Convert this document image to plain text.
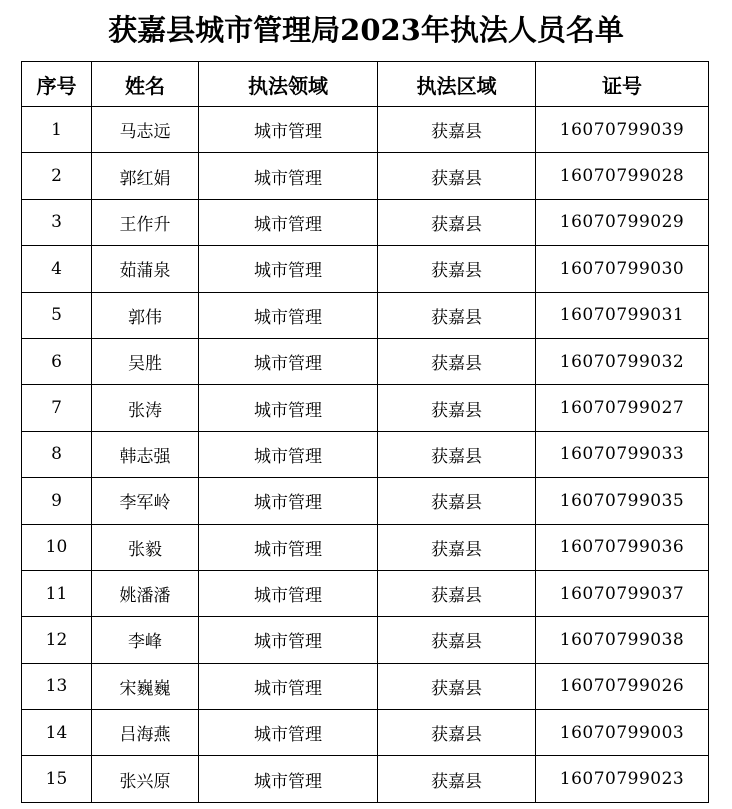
获嘉县城市管理局2023年执法人员名单
序号	姓名	执法领域	执法区域	证号
1	马志远	城市管理	获嘉县	16070799039
2	郭红娟	城市管理	获嘉县	16070799028
3	王作升	城市管理	获嘉县	16070799029
4	茹蒲泉	城市管理	获嘉县	16070799030
5	郭伟	城市管理	获嘉县	16070799031
6	吴胜	城市管理	获嘉县	16070799032
7	张涛	城市管理	获嘉县	16070799027
8	韩志强	城市管理	获嘉县	16070799033
9	李军岭	城市管理	获嘉县	16070799035
10	张毅	城市管理	获嘉县	16070799036
11	姚潘潘	城市管理	获嘉县	16070799037
12	李峰	城市管理	获嘉县	16070799038
13	宋巍巍	城市管理	获嘉县	16070799026
14	吕海燕	城市管理	获嘉县	16070799003
15	张兴原	城市管理	获嘉县	16070799023
